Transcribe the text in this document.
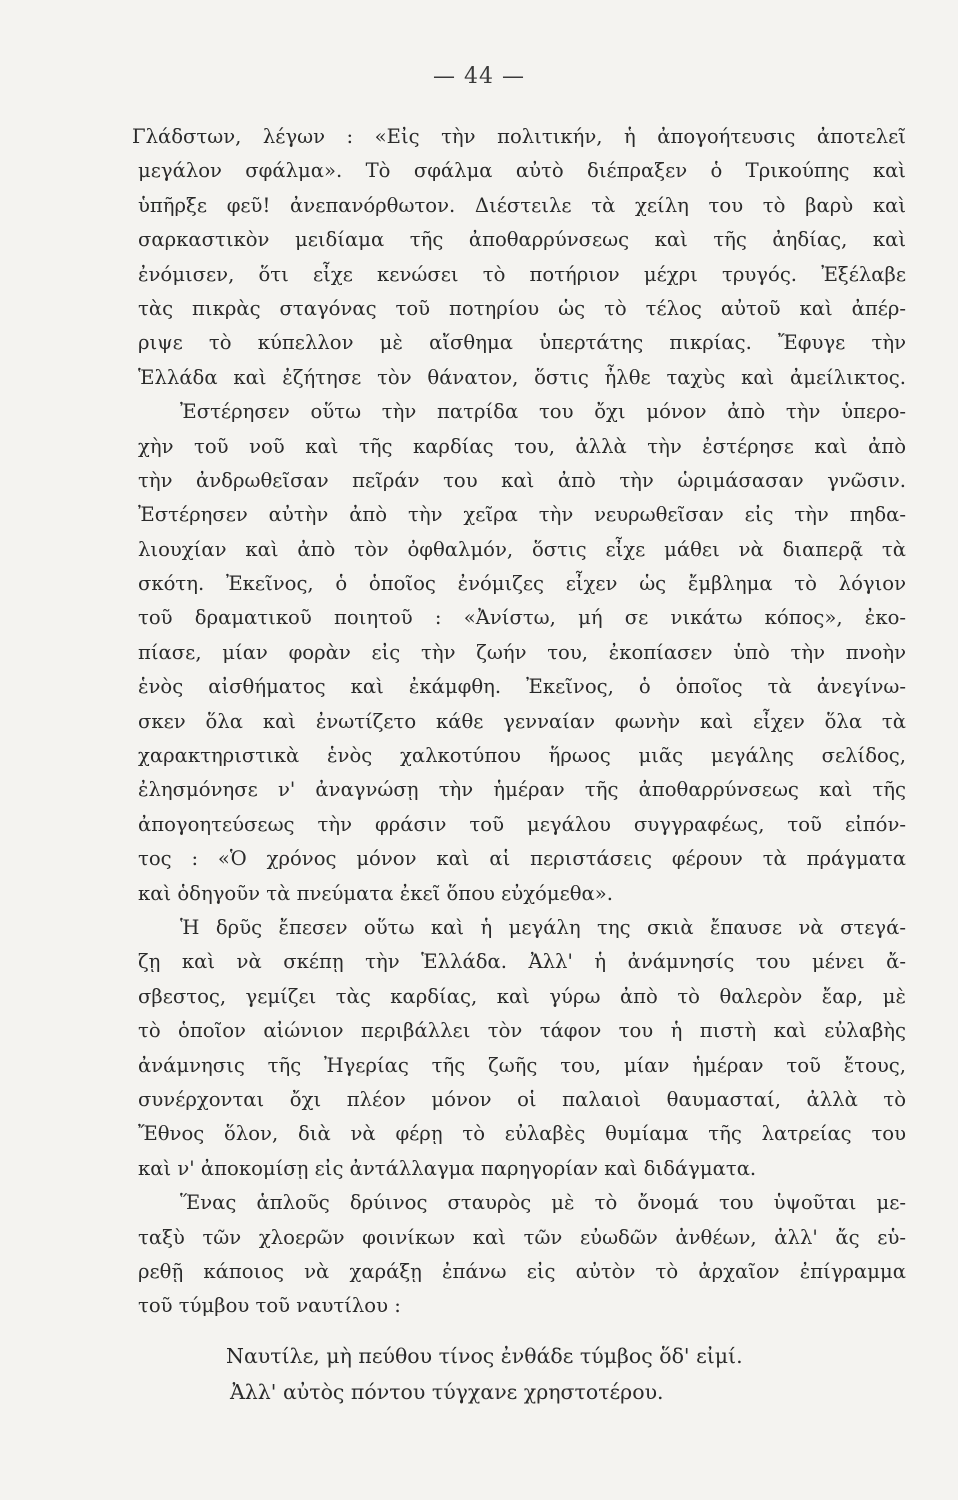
— 44 —
Γλάδστων, λέγων : «Εἰς τὴν πολιτικήν, ἡ ἀπογοήτευσις ἀποτελεῖ
μεγάλον σφάλμα». Τὸ σφάλμα αὐτὸ διέπραξεν ὁ Τρικούπης καὶ
ὑπῆρξε φεῦ! ἀνεπανόρθωτον. Διέστειλε τὰ χείλη του τὸ βαρὺ καὶ
σαρκαστικὸν μειδίαμα τῆς ἀποθαρρύνσεως καὶ τῆς ἀηδίας, καὶ
ἐνόμισεν, ὅτι εἶχε κενώσει τὸ ποτήριον μέχρι τρυγός. Ἐξέλαβε
τὰς πικρὰς σταγόνας τοῦ ποτηρίου ὡς τὸ τέλος αὐτοῦ καὶ ἀπέρ-
ριψε τὸ κύπελλον μὲ αἴσθημα ὑπερτάτης πικρίας. Ἔφυγε τὴν
Ἑλλάδα καὶ ἐζήτησε τὸν θάνατον, ὅστις ἦλθε ταχὺς καὶ ἀμείλικτος.
Ἐστέρησεν οὕτω τὴν πατρίδα του ὄχι μόνον ἀπὸ τὴν ὑπερο-
χὴν τοῦ νοῦ καὶ τῆς καρδίας του, ἀλλὰ τὴν ἐστέρησε καὶ ἀπὸ
τὴν ἀνδρωθεῖσαν πεῖράν του καὶ ἀπὸ τὴν ὡριμάσασαν γνῶσιν.
Ἐστέρησεν αὐτὴν ἀπὸ τὴν χεῖρα τὴν νευρωθεῖσαν εἰς τὴν πηδα-
λιουχίαν καὶ ἀπὸ τὸν ὀφθαλμόν, ὅστις εἶχε μάθει νὰ διαπερᾷ τὰ
σκότη. Ἐκεῖνος, ὁ ὁποῖος ἐνόμιζες εἶχεν ὡς ἔμβλημα τὸ λόγιον
τοῦ δραματικοῦ ποιητοῦ : «Ἀνίστω, μή σε νικάτω κόπος», ἐκο-
πίασε, μίαν φορὰν εἰς τὴν ζωήν του, ἐκοπίασεν ὑπὸ τὴν πνοὴν
ἑνὸς αἰσθήματος καὶ ἐκάμφθη. Ἐκεῖνος, ὁ ὁποῖος τὰ ἀνεγίνω-
σκεν ὅλα καὶ ἐνωτίζετο κάθε γενναίαν φωνὴν καὶ εἶχεν ὅλα τὰ
χαρακτηριστικὰ ἑνὸς χαλκοτύπου ἥρωος μιᾶς μεγάλης σελίδος,
ἐλησμόνησε ν' ἀναγνώσῃ τὴν ἡμέραν τῆς ἀποθαρρύνσεως καὶ τῆς
ἀπογοητεύσεως τὴν φράσιν τοῦ μεγάλου συγγραφέως, τοῦ εἰπόν-
τος : «Ὁ χρόνος μόνον καὶ αἱ περιστάσεις φέρουν τὰ πράγματα
καὶ ὁδηγοῦν τὰ πνεύματα ἐκεῖ ὅπου εὐχόμεθα».
Ἡ δρῦς ἔπεσεν οὕτω καὶ ἡ μεγάλη της σκιὰ ἔπαυσε νὰ στεγά-
ζῃ καὶ νὰ σκέπῃ τὴν Ἑλλάδα. Ἀλλ' ἡ ἀνάμνησίς του μένει ἄ-
σβεστος, γεμίζει τὰς καρδίας, καὶ γύρω ἀπὸ τὸ θαλερὸν ἔαρ, μὲ
τὸ ὁποῖον αἰώνιον περιβάλλει τὸν τάφον του ἡ πιστὴ καὶ εὐλαβὴς
ἀνάμνησις τῆς Ἠγερίας τῆς ζωῆς του, μίαν ἡμέραν τοῦ ἔτους,
συνέρχονται ὄχι πλέον μόνον οἱ παλαιοὶ θαυμασταί, ἀλλὰ τὸ
Ἔθνος ὅλον, διὰ νὰ φέρῃ τὸ εὐλαβὲς θυμίαμα τῆς λατρείας του
καὶ ν' ἀποκομίσῃ εἰς ἀντάλλαγμα παρηγορίαν καὶ διδάγματα.
Ἕνας ἁπλοῦς δρύινος σταυρὸς μὲ τὸ ὄνομά του ὑψοῦται με-
ταξὺ τῶν χλοερῶν φοινίκων καὶ τῶν εὐωδῶν ἀνθέων, ἀλλ' ἄς εὑ-
ρεθῇ κάποιος νὰ χαράξῃ ἐπάνω εἰς αὐτὸν τὸ ἀρχαῖον ἐπίγραμμα
τοῦ τύμβου τοῦ ναυτίλου :
Ναυτίλε, μὴ πεύθου τίνος ἐνθάδε τύμβος ὅδ' εἰμί.
Ἀλλ' αὐτὸς πόντου τύγχανε χρηστοτέρου.
